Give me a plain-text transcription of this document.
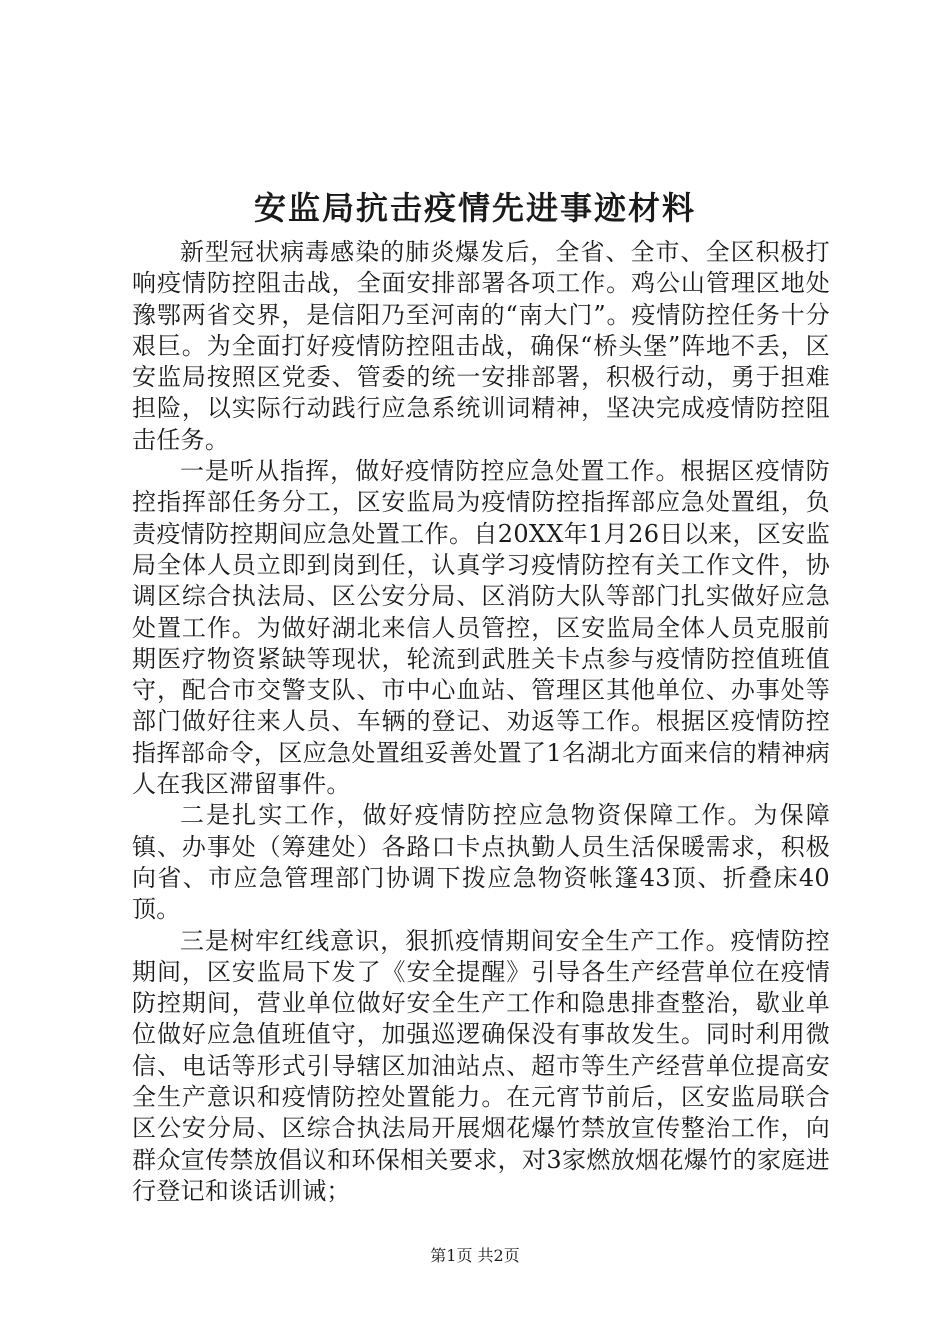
安监局抗击疫情先进事迹材料

新型冠状病毒感染的肺炎爆发后，全省、全市、全区积极打响疫情防控阻击战，全面安排部署各项工作。鸡公山管理区地处豫鄂两省交界，是信阳乃至河南的“南大门”。疫情防控任务十分艰巨。为全面打好疫情防控阻击战，确保“桥头堡”阵地不丢，区安监局按照区党委、管委的统一安排部署，积极行动，勇于担难担险，以实际行动践行应急系统训词精神，坚决完成疫情防控阻击任务。

一是听从指挥，做好疫情防控应急处置工作。根据区疫情防控指挥部任务分工，区安监局为疫情防控指挥部应急处置组，负责疫情防控期间应急处置工作。自20XX年1月26日以来，区安监局全体人员立即到岗到任，认真学习疫情防控有关工作文件，协调区综合执法局、区公安分局、区消防大队等部门扎实做好应急处置工作。为做好湖北来信人员管控，区安监局全体人员克服前期医疗物资紧缺等现状，轮流到武胜关卡点参与疫情防控值班值守，配合市交警支队、市中心血站、管理区其他单位、办事处等部门做好往来人员、车辆的登记、劝返等工作。根据区疫情防控指挥部命令，区应急处置组妥善处置了1名湖北方面来信的精神病人在我区滞留事件。

二是扎实工作，做好疫情防控应急物资保障工作。为保障镇、办事处（筹建处）各路口卡点执勤人员生活保暖需求，积极向省、市应急管理部门协调下拨应急物资帐篷43顶、折叠床40顶。

三是树牢红线意识，狠抓疫情期间安全生产工作。疫情防控期间，区安监局下发了《安全提醒》引导各生产经营单位在疫情防控期间，营业单位做好安全生产工作和隐患排查整治，歇业单位做好应急值班值守，加强巡逻确保没有事故发生。同时利用微信、电话等形式引导辖区加油站点、超市等生产经营单位提高安全生产意识和疫情防控处置能力。在元宵节前后，区安监局联合区公安分局、区综合执法局开展烟花爆竹禁放宣传整治工作，向群众宣传禁放倡议和环保相关要求，对3家燃放烟花爆竹的家庭进行登记和谈话训诫；

第1页 共2页
